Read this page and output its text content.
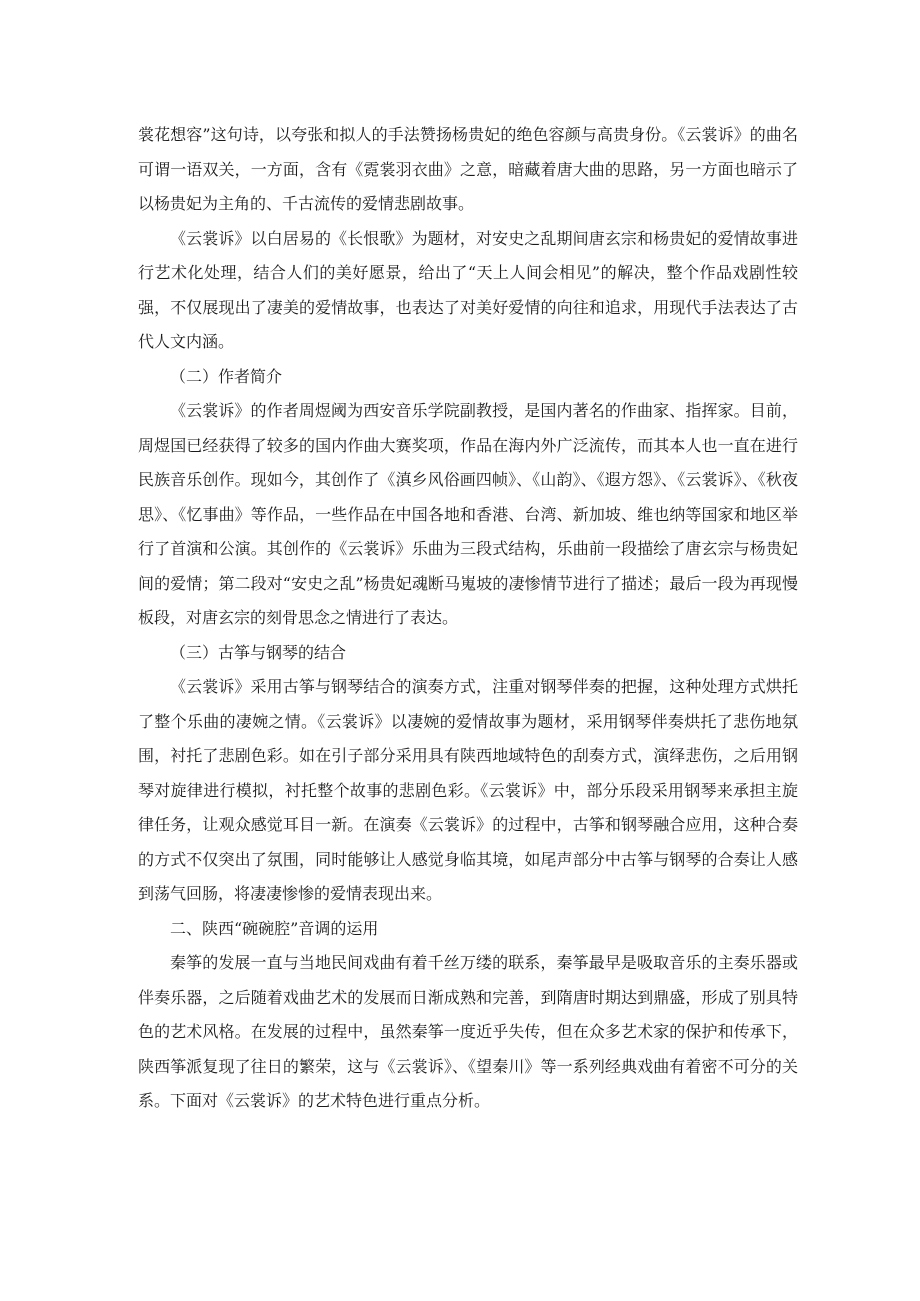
裳花想容”这句诗，以夸张和拟人的手法赞扬杨贵妃的绝色容颜与高贵身份。《云裳诉》的曲名可谓一语双关，一方面，含有《霓裳羽衣曲》之意，暗藏着唐大曲的思路，另一方面也暗示了以杨贵妃为主角的、千古流传的爱情悲剧故事。

《云裳诉》以白居易的《长恨歌》为题材，对安史之乱期间唐玄宗和杨贵妃的爱情故事进行艺术化处理，结合人们的美好愿景，给出了“天上人间会相见”的解决，整个作品戏剧性较强，不仅展现出了凄美的爱情故事，也表达了对美好爱情的向往和追求，用现代手法表达了古代人文内涵。

（二）作者简介

《云裳诉》的作者周煜阈为西安音乐学院副教授，是国内著名的作曲家、指挥家。目前，周煜国已经获得了较多的国内作曲大赛奖项，作品在海内外广泛流传，而其本人也一直在进行民族音乐创作。现如今，其创作了《滇乡风俗画四帧》、《山韵》、《遐方怨》、《云裳诉》、《秋夜思》、《忆事曲》等作品，一些作品在中国各地和香港、台湾、新加坡、维也纳等国家和地区举行了首演和公演。其创作的《云裳诉》乐曲为三段式结构，乐曲前一段描绘了唐玄宗与杨贵妃间的爱情；第二段对“安史之乱”杨贵妃魂断马嵬坡的凄惨情节进行了描述；最后一段为再现慢板段，对唐玄宗的刻骨思念之情进行了表达。

（三）古筝与钢琴的结合

《云裳诉》采用古筝与钢琴结合的演奏方式，注重对钢琴伴奏的把握，这种处理方式烘托了整个乐曲的凄婉之情。《云裳诉》以凄婉的爱情故事为题材，采用钢琴伴奏烘托了悲伤地氛围，衬托了悲剧色彩。如在引子部分采用具有陕西地域特色的刮奏方式，演绎悲伤，之后用钢琴对旋律进行模拟，衬托整个故事的悲剧色彩。《云裳诉》中，部分乐段采用钢琴来承担主旋律任务，让观众感觉耳目一新。在演奏《云裳诉》的过程中，古筝和钢琴融合应用，这种合奏的方式不仅突出了氛围，同时能够让人感觉身临其境，如尾声部分中古筝与钢琴的合奏让人感到荡气回肠，将凄凄惨惨的爱情表现出来。

二、陕西“碗碗腔”音调的运用

秦筝的发展一直与当地民间戏曲有着千丝万缕的联系，秦筝最早是吸取音乐的主奏乐器或伴奏乐器，之后随着戏曲艺术的发展而日渐成熟和完善，到隋唐时期达到鼎盛，形成了别具特色的艺术风格。在发展的过程中，虽然秦筝一度近乎失传，但在众多艺术家的保护和传承下，陕西筝派复现了往日的繁荣，这与《云裳诉》、《望秦川》等一系列经典戏曲有着密不可分的关系。下面对《云裳诉》的艺术特色进行重点分析。
